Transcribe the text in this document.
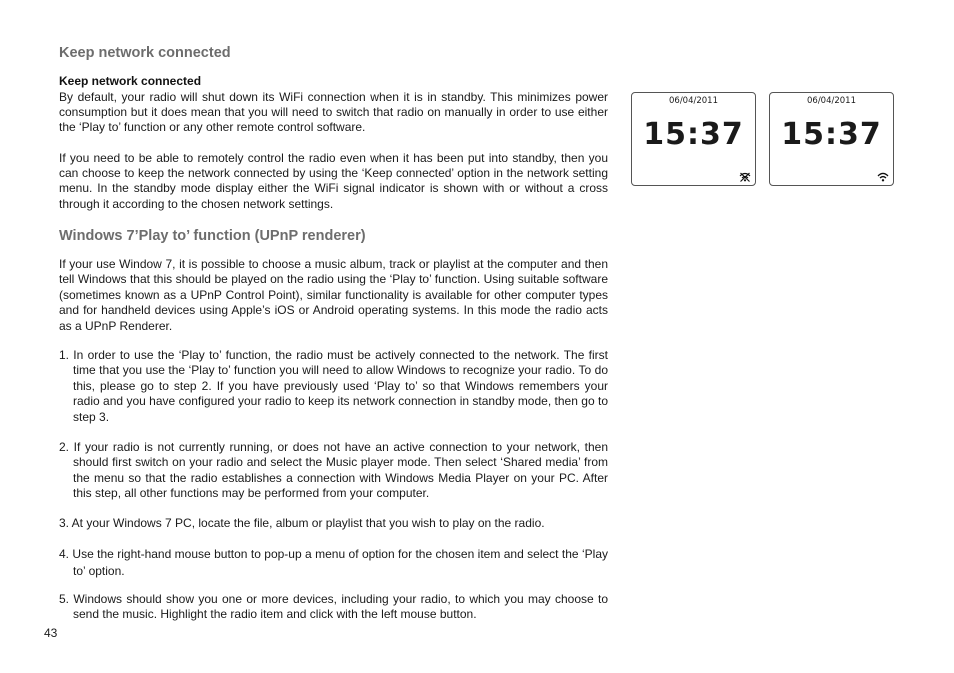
Keep network connected
Keep network connected

By default, your radio will shut down its WiFi connection when it is in standby. This minimizes power consumption but it does mean that you will need to switch that radio on manually in order to use either the ‘Play to’ function or any other remote control software.

If you need to be able to remotely control the radio even when it has been put into standby, then you can choose to keep the network connected by using the ‘Keep connected’ option in the network setting menu. In the standby mode display either the WiFi signal indicator is shown with or without a cross through it according to the chosen network settings.

Windows 7’Play to’ function (UPnP renderer)

If your use Window 7, it is possible to choose a music album, track or playlist at the computer and then tell Windows that this should be played on the radio using the ‘Play to’ function. Using suitable software (sometimes known as a UPnP Control Point), similar functionality is available for other computer types and for handheld devices using Apple’s iOS or Android operating systems. In this mode the radio acts as a UPnP Renderer.

1. In order to use the ‘Play to’ function, the radio must be actively connected to the network. The first time that you use the ‘Play to’ function you will need to allow Windows to recognize your radio. To do this, please go to step 2. If you have previously used ‘Play to’ so that Windows remembers your radio and you have configured your radio to keep its network connection in standby mode, then go to step 3.

2. If your radio is not currently running, or does not have an active connection to your network, then should first switch on your radio and select the Music player mode. Then select ‘Shared media’ from the menu so that the radio establishes a connection with Windows Media Player on your PC. After this step, all other functions may be performed from your computer.

3. At your Windows 7 PC, locate the file, album or playlist that you wish to play on the radio.

4. Use the right-hand mouse button to pop-up a menu of option for the chosen item and select the ‘Play to’ option.

5. Windows should show you one or more devices, including your radio, to which you may choose to send the music. Highlight the radio item and click with the left mouse button.

43
06/04/2011
15:37
06/04/2011
15:37
